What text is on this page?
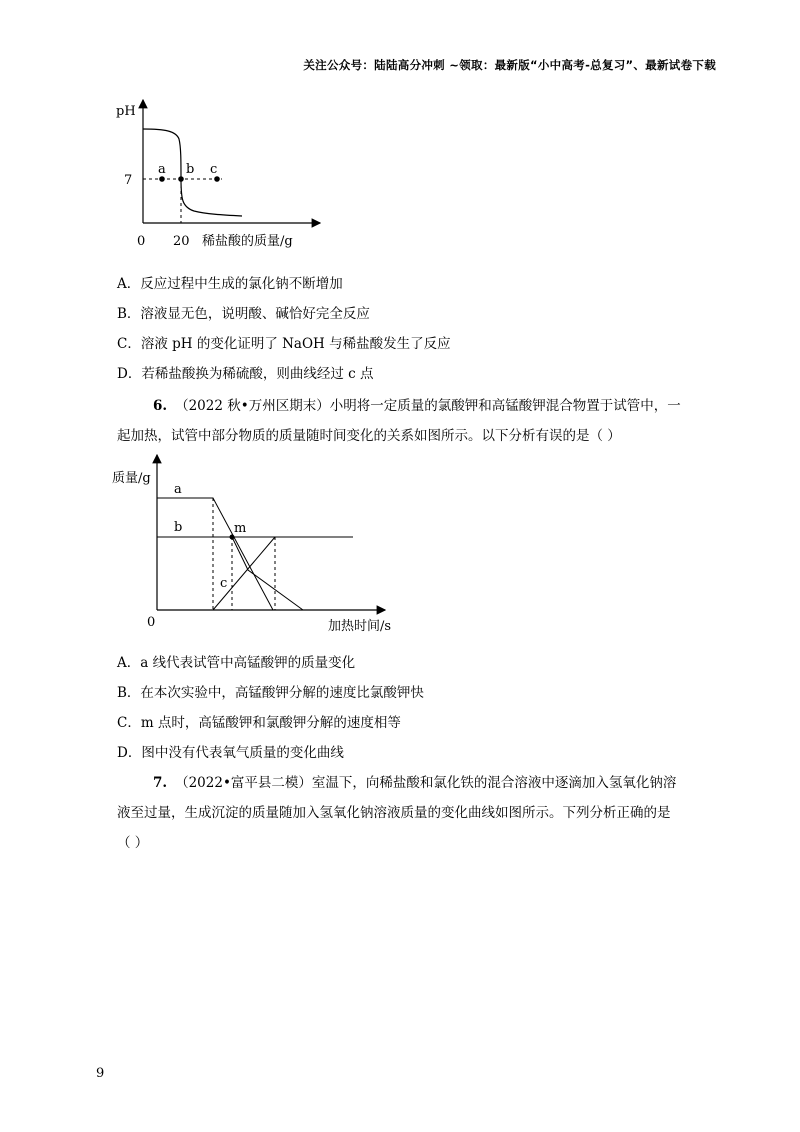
关注公众号：陆陆高分冲刺 ~领取：最新版“小中高考-总复习”、最新试卷下载
pH
7
0 20 稀盐酸的质量/g
a b c
A．反应过程中生成的氯化钠不断增加
B．溶液显无色，说明酸、碱恰好完全反应
C．溶液 pH 的变化证明了 NaOH 与稀盐酸发生了反应
D．若稀盐酸换为稀硫酸，则曲线经过 c 点
6. （2022 秋•万州区期末）小明将一定质量的氯酸钾和高锰酸钾混合物置于试管中，一
起加热，试管中部分物质的质量随时间变化的关系如图所示。以下分析有误的是（ ）
质量/g
0	加热时间/s
a
b
c
m
A．a 线代表试管中高锰酸钾的质量变化
B．在本次实验中，高锰酸钾分解的速度比氯酸钾快
C．m 点时，高锰酸钾和氯酸钾分解的速度相等
D．图中没有代表氧气质量的变化曲线
7. （2022•富平县二模）室温下，向稀盐酸和氯化铁的混合溶液中逐滴加入氢氧化钠溶
液至过量，生成沉淀的质量随加入氢氧化钠溶液质量的变化曲线如图所示。下列分析正确的是
（ ）
9
